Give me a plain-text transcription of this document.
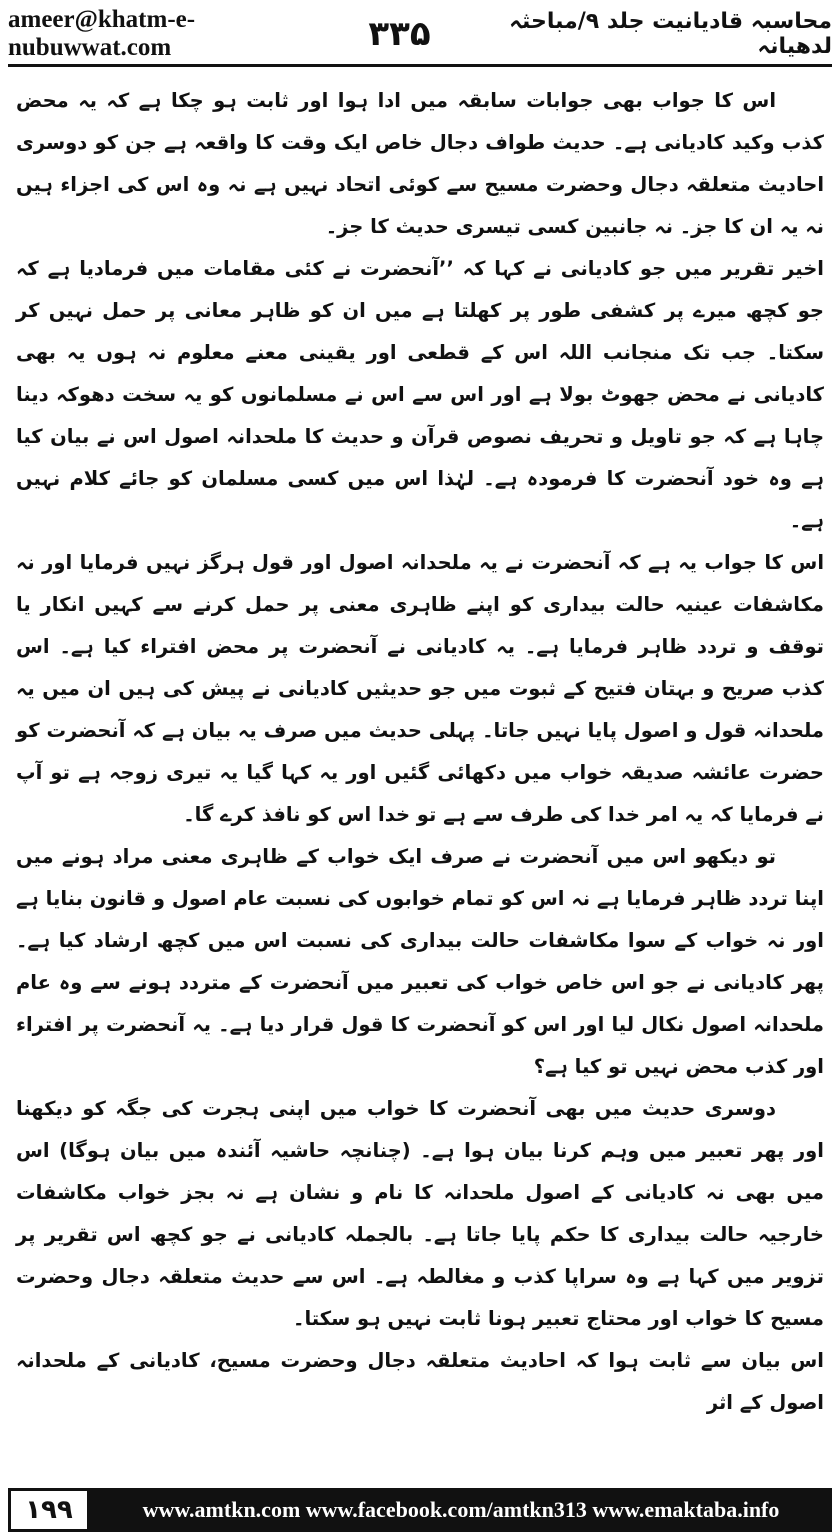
ameer@khatm-e-nubuwwat.com	۳۳۵	محاسبہ قادیانیت جلد ۹/مباحثہ لدھیانہ

اس کا جواب بھی جوابات سابقہ میں ادا ہوا اور ثابت ہو چکا ہے کہ یہ محض کذب وکید کادیانی ہے۔ حدیث طواف دجال خاص ایک وقت کا واقعہ ہے جن کو دوسری احادیث متعلقہ دجال وحضرت مسیح سے کوئی اتحاد نہیں ہے نہ وہ اس کی اجزاء ہیں نہ یہ ان کا جز۔ نہ جانبین کسی تیسری حدیث کا جز۔

اخیر تقریر میں جو کادیانی نے کہا کہ ’’آنحضرت نے کئی مقامات میں فرمادیا ہے کہ جو کچھ میرے پر کشفی طور پر کھلتا ہے میں ان کو ظاہر معانی پر حمل نہیں کر سکتا۔ جب تک منجانب اللہ اس کے قطعی اور یقینی معنے معلوم نہ ہوں یہ بھی کادیانی نے محض جھوٹ بولا ہے اور اس سے اس نے مسلمانوں کو یہ سخت دھوکہ دینا چاہا ہے کہ جو تاویل و تحریف نصوص قرآن و حدیث کا ملحدانہ اصول اس نے بیان کیا ہے وہ خود آنحضرت کا فرمودہ ہے۔ لہٰذا اس میں کسی مسلمان کو جائے کلام نہیں ہے۔

اس کا جواب یہ ہے کہ آنحضرت نے یہ ملحدانہ اصول اور قول ہرگز نہیں فرمایا اور نہ مکاشفات عینیہ حالت بیداری کو اپنے ظاہری معنی پر حمل کرنے سے کہیں انکار یا توقف و تردد ظاہر فرمایا ہے۔ یہ کادیانی نے آنحضرت پر محض افتراء کیا ہے۔ اس کذب صریح و بہتان فتیح کے ثبوت میں جو حدیثیں کادیانی نے پیش کی ہیں ان میں یہ ملحدانہ قول و اصول پایا نہیں جاتا۔ پہلی حدیث میں صرف یہ بیان ہے کہ آنحضرت کو حضرت عائشہ صدیقہ خواب میں دکھائی گئیں اور یہ کہا گیا یہ تیری زوجہ ہے تو آپ نے فرمایا کہ یہ امر خدا کی طرف سے ہے تو خدا اس کو نافذ کرے گا۔

تو دیکھو اس میں آنحضرت نے صرف ایک خواب کے ظاہری معنی مراد ہونے میں اپنا تردد ظاہر فرمایا ہے نہ اس کو تمام خوابوں کی نسبت عام اصول و قانون بنایا ہے اور نہ خواب کے سوا مکاشفات حالت بیداری کی نسبت اس میں کچھ ارشاد کیا ہے۔ پھر کادیانی نے جو اس خاص خواب کی تعبیر میں آنحضرت کے متردد ہونے سے وہ عام ملحدانہ اصول نکال لیا اور اس کو آنحضرت کا قول قرار دیا ہے۔ یہ آنحضرت پر افتراء اور کذب محض نہیں تو کیا ہے؟

دوسری حدیث میں بھی آنحضرت کا خواب میں اپنی ہجرت کی جگہ کو دیکھنا اور پھر تعبیر میں وہم کرنا بیان ہوا ہے۔ (چنانچہ حاشیہ آئندہ میں بیان ہوگا) اس میں بھی نہ کادیانی کے اصول ملحدانہ کا نام و نشان ہے نہ بجز خواب مکاشفات خارجیہ حالت بیداری کا حکم پایا جاتا ہے۔ بالجملہ کادیانی نے جو کچھ اس تقریر پر تزویر میں کہا ہے وہ سراپا کذب و مغالطہ ہے۔ اس سے حدیث متعلقہ دجال وحضرت مسیح کا خواب اور محتاج تعبیر ہونا ثابت نہیں ہو سکتا۔

اس بیان سے ثابت ہوا کہ احادیث متعلقہ دجال وحضرت مسیح، کادیانی کے ملحدانہ اصول کے اثر

۱۹۹	www.amtkn.com www.facebook.com/amtkn313 www.emaktaba.info
